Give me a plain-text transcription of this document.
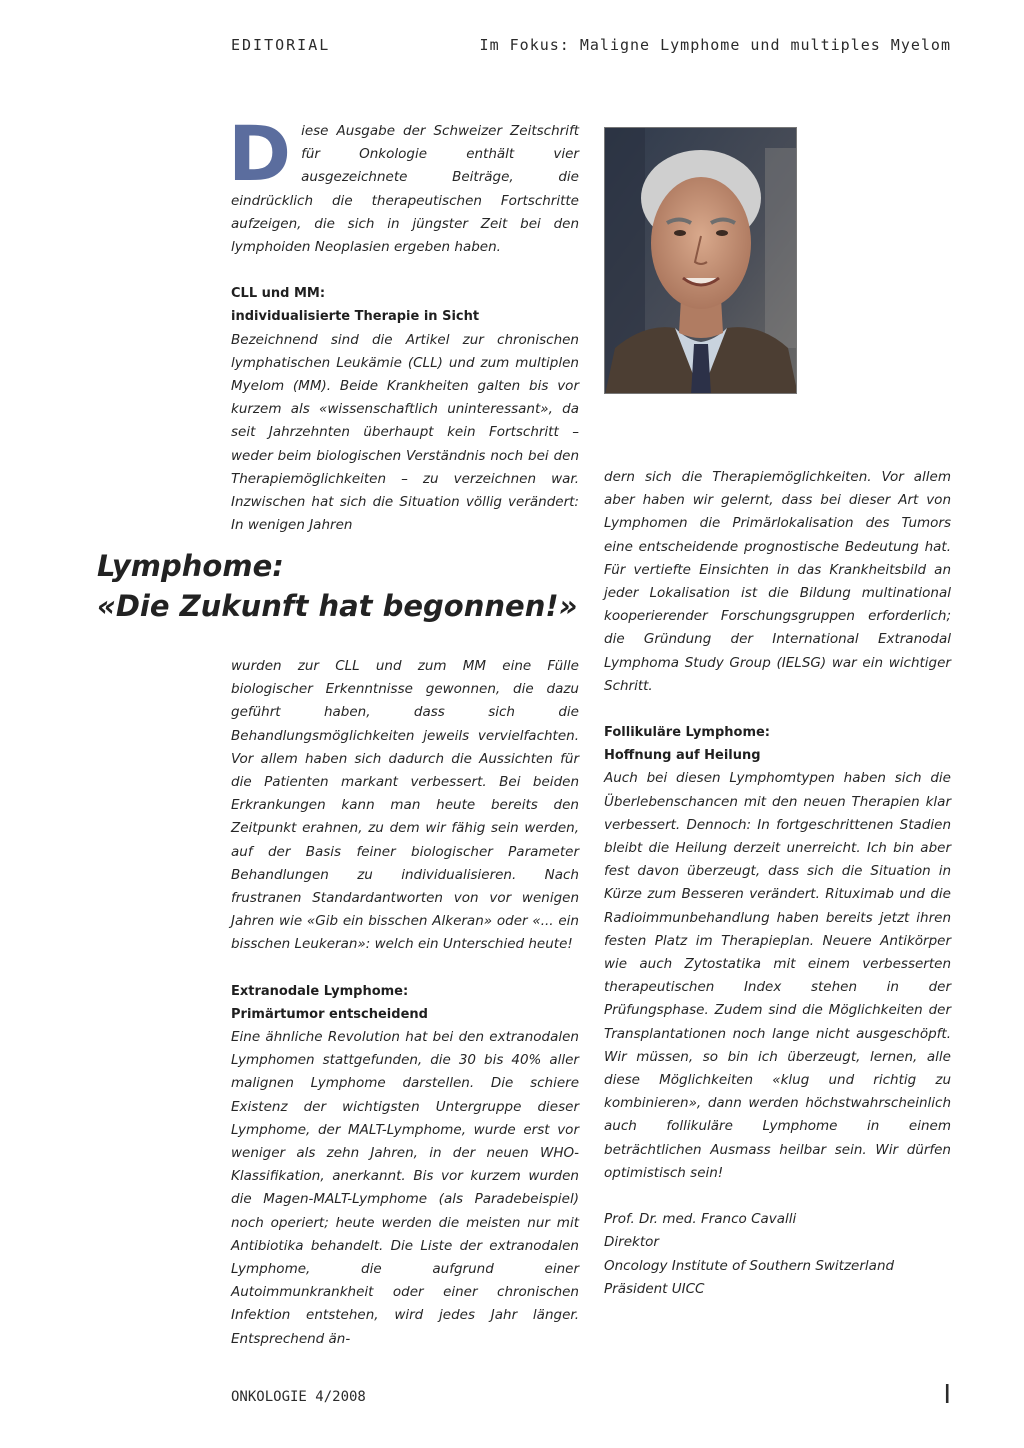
EDITORIAL	Im Fokus: Maligne Lymphome und multiples Myelom

Diese Ausgabe der Schweizer Zeitschrift für Onkologie enthält vier ausgezeichnete Beiträge, die eindrücklich die therapeutischen Fortschritte aufzeigen, die sich in jüngster Zeit bei den lymphoiden Neoplasien ergeben haben.

CLL und MM:

individualisierte Therapie in Sicht

Bezeichnend sind die Artikel zur chronischen lymphatischen Leukämie (CLL) und zum multiplen Myelom (MM). Beide Krankheiten galten bis vor kurzem als «wissenschaftlich uninteressant», da seit Jahrzehnten überhaupt kein Fortschritt – weder beim biologischen Verständnis noch bei den Therapiemöglichkeiten – zu verzeichnen war. Inzwischen hat sich die Situation völlig verändert: In wenigen Jahren

Lymphome:
«Die Zukunft hat begonnen!»

wurden zur CLL und zum MM eine Fülle biologischer Erkenntnisse gewonnen, die dazu geführt haben, dass sich die Behandlungsmöglichkeiten jeweils vervielfachten. Vor allem haben sich dadurch die Aussichten für die Patienten markant verbessert. Bei beiden Erkrankungen kann man heute bereits den Zeitpunkt erahnen, zu dem wir fähig sein werden, auf der Basis feiner biologischer Parameter Behandlungen zu individualisieren. Nach frustranen Standardantworten von vor wenigen Jahren wie «Gib ein bisschen Alkeran» oder «... ein bisschen Leukeran»: welch ein Unterschied heute!

Extranodale Lymphome:

Primärtumor entscheidend

Eine ähnliche Revolution hat bei den extranodalen Lymphomen stattgefunden, die 30 bis 40% aller malignen Lymphome darstellen. Die schiere Existenz der wichtigsten Untergruppe dieser Lymphome, der MALT-Lymphome, wurde erst vor weniger als zehn Jahren, in der neuen WHO-Klassifikation, anerkannt. Bis vor kurzem wurden die Magen-MALT-Lymphome (als Paradebeispiel) noch operiert; heute werden die meisten nur mit Antibiotika behandelt. Die Liste der extranodalen Lymphome, die aufgrund einer Autoimmunkrankheit oder einer chronischen Infektion entstehen, wird jedes Jahr länger. Entsprechend än-

dern sich die Therapiemöglichkeiten. Vor allem aber haben wir gelernt, dass bei dieser Art von Lymphomen die Primärlokalisation des Tumors eine entscheidende prognostische Bedeutung hat. Für vertiefte Einsichten in das Krankheitsbild an jeder Lokalisation ist die Bildung multinational kooperierender Forschungsgruppen erforderlich; die Gründung der International Extranodal Lymphoma Study Group (IELSG) war ein wichtiger Schritt.

Follikuläre Lymphome:

Hoffnung auf Heilung

Auch bei diesen Lymphomtypen haben sich die Überlebenschancen mit den neuen Therapien klar verbessert. Dennoch: In fortgeschrittenen Stadien bleibt die Heilung derzeit unerreicht. Ich bin aber fest davon überzeugt, dass sich die Situation in Kürze zum Besseren verändert. Rituximab und die Radioimmunbehandlung haben bereits jetzt ihren festen Platz im Therapieplan. Neuere Antikörper wie auch Zytostatika mit einem verbesserten therapeutischen Index stehen in der Prüfungsphase. Zudem sind die Möglichkeiten der Transplantationen noch lange nicht ausgeschöpft. Wir müssen, so bin ich überzeugt, lernen, alle diese Möglichkeiten «klug und richtig zu kombinieren», dann werden höchstwahrscheinlich auch follikuläre Lymphome in einem beträchtlichen Ausmass heilbar sein. Wir dürfen optimistisch sein!

Prof. Dr. med. Franco Cavalli

Direktor

Oncology Institute of Southern Switzerland

Präsident UICC

ONKOLOGIE 4/2008	I
